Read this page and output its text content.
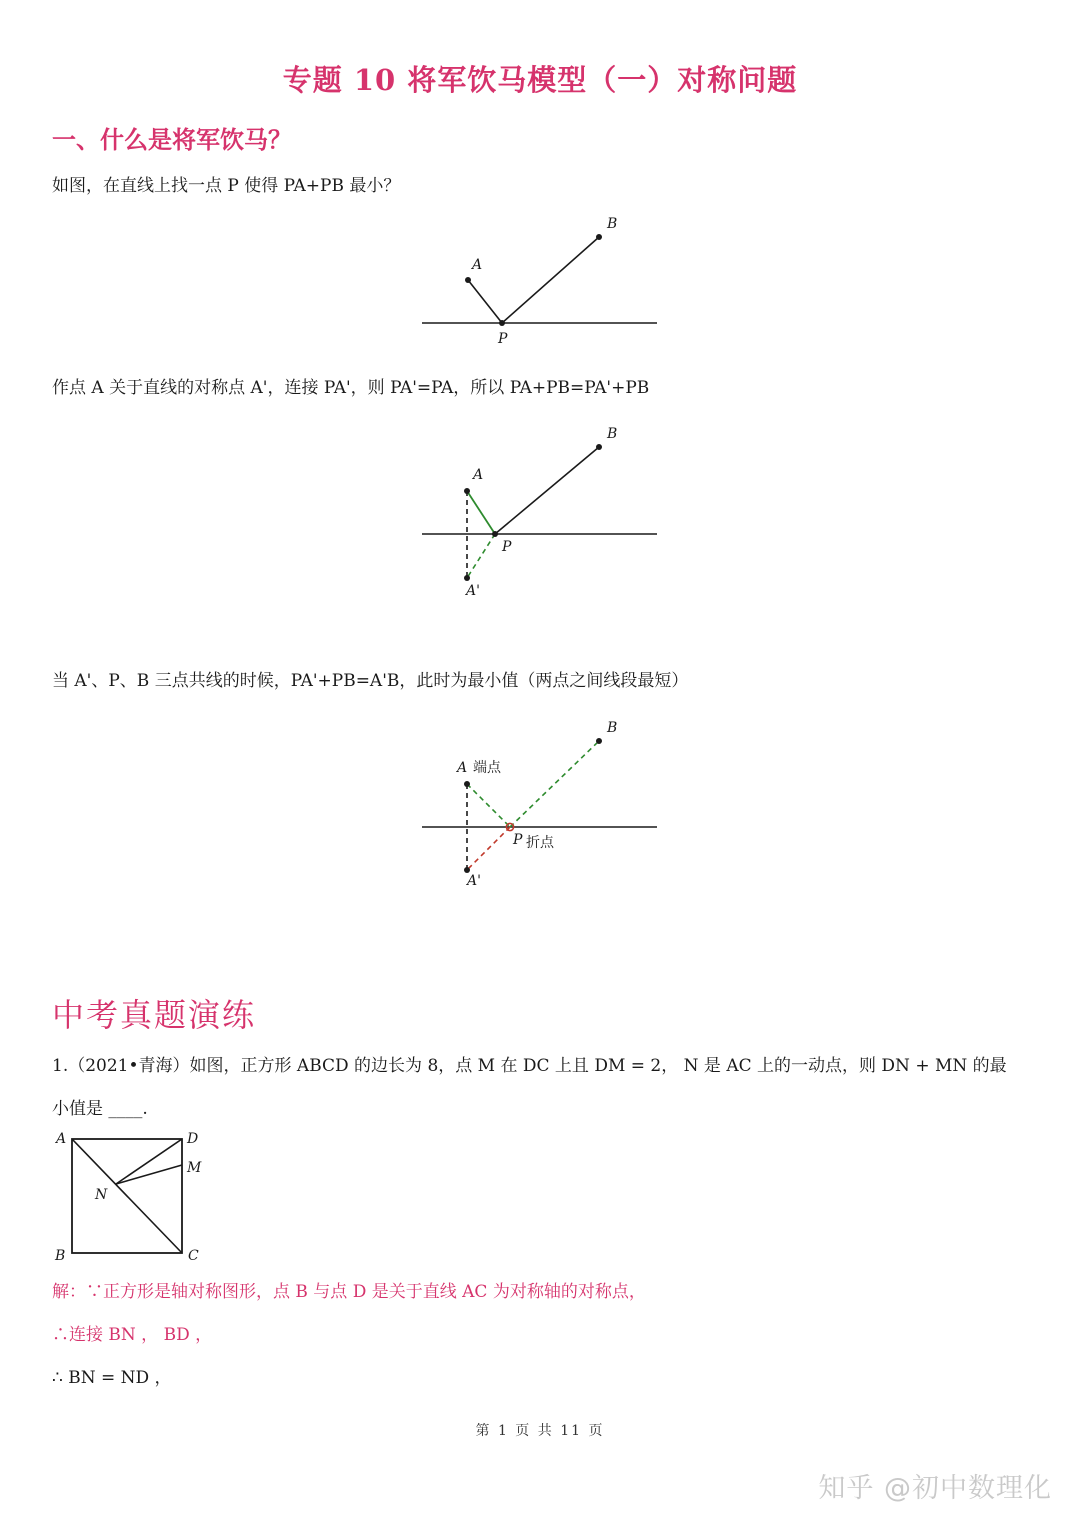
专题 10 将军饮马模型（一）对称问题
一、什么是将军饮马？
如图，在直线上找一点 P 使得 PA+PB 最小？
A
B
P
作点 A 关于直线的对称点 A'，连接 PA'，则 PA'=PA，所以 PA+PB=PA'+PB
A
B
P
A'
当 A'、P、B 三点共线的时候，PA'+PB=A'B，此时为最小值（两点之间线段最短）
A 端点
B
P 折点
A'
中考真题演练
1.（2021•青海）如图，正方形 ABCD 的边长为 8，点 M 在 DC 上且 DM = 2， N 是 AC 上的一动点，则 DN + MN 的最
小值是 ____.
A	D
M
N
B	C
解：∵正方形是轴对称图形，点 B 与点 D 是关于直线 AC 为对称轴的对称点，
∴连接 BN ， BD ，
∴ BN = ND ，
第 1 页 共 11 页
知乎 @初中数理化
